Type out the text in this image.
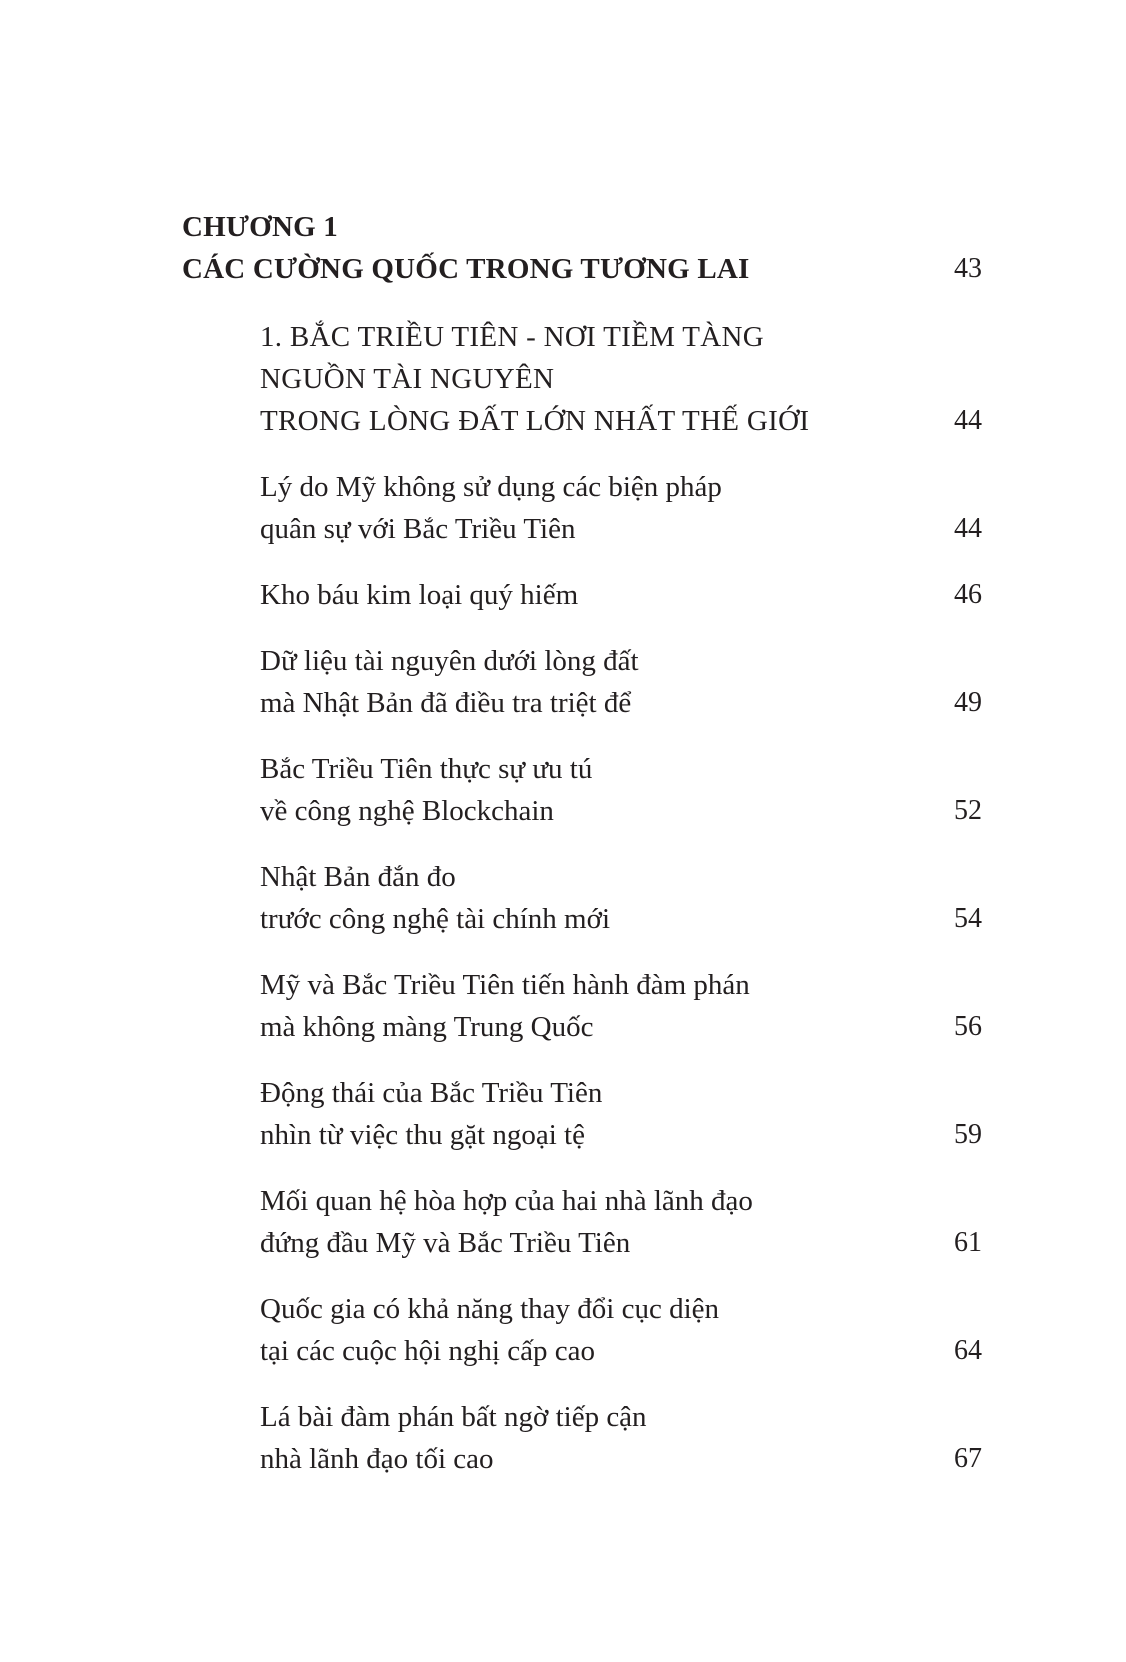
CHƯƠNG 1
CÁC CƯỜNG QUỐC TRONG TƯƠNG LAI	43
1. BẮC TRIỀU TIÊN - NƠI TIỀM TÀNG
NGUỒN TÀI NGUYÊN
TRONG LÒNG ĐẤT LỚN NHẤT THẾ GIỚI	44
Lý do Mỹ không sử dụng các biện pháp
quân sự với Bắc Triều Tiên	44
Kho báu kim loại quý hiếm	46
Dữ liệu tài nguyên dưới lòng đất
mà Nhật Bản đã điều tra triệt để	49
Bắc Triều Tiên thực sự ưu tú
về công nghệ Blockchain	52
Nhật Bản đắn đo
trước công nghệ tài chính mới	54
Mỹ và Bắc Triều Tiên tiến hành đàm phán
mà không màng Trung Quốc	56
Động thái của Bắc Triều Tiên
nhìn từ việc thu gặt ngoại tệ	59
Mối quan hệ hòa hợp của hai nhà lãnh đạo
đứng đầu Mỹ và Bắc Triều Tiên	61
Quốc gia có khả năng thay đổi cục diện
tại các cuộc hội nghị cấp cao	64
Lá bài đàm phán bất ngờ tiếp cận
nhà lãnh đạo tối cao	67
